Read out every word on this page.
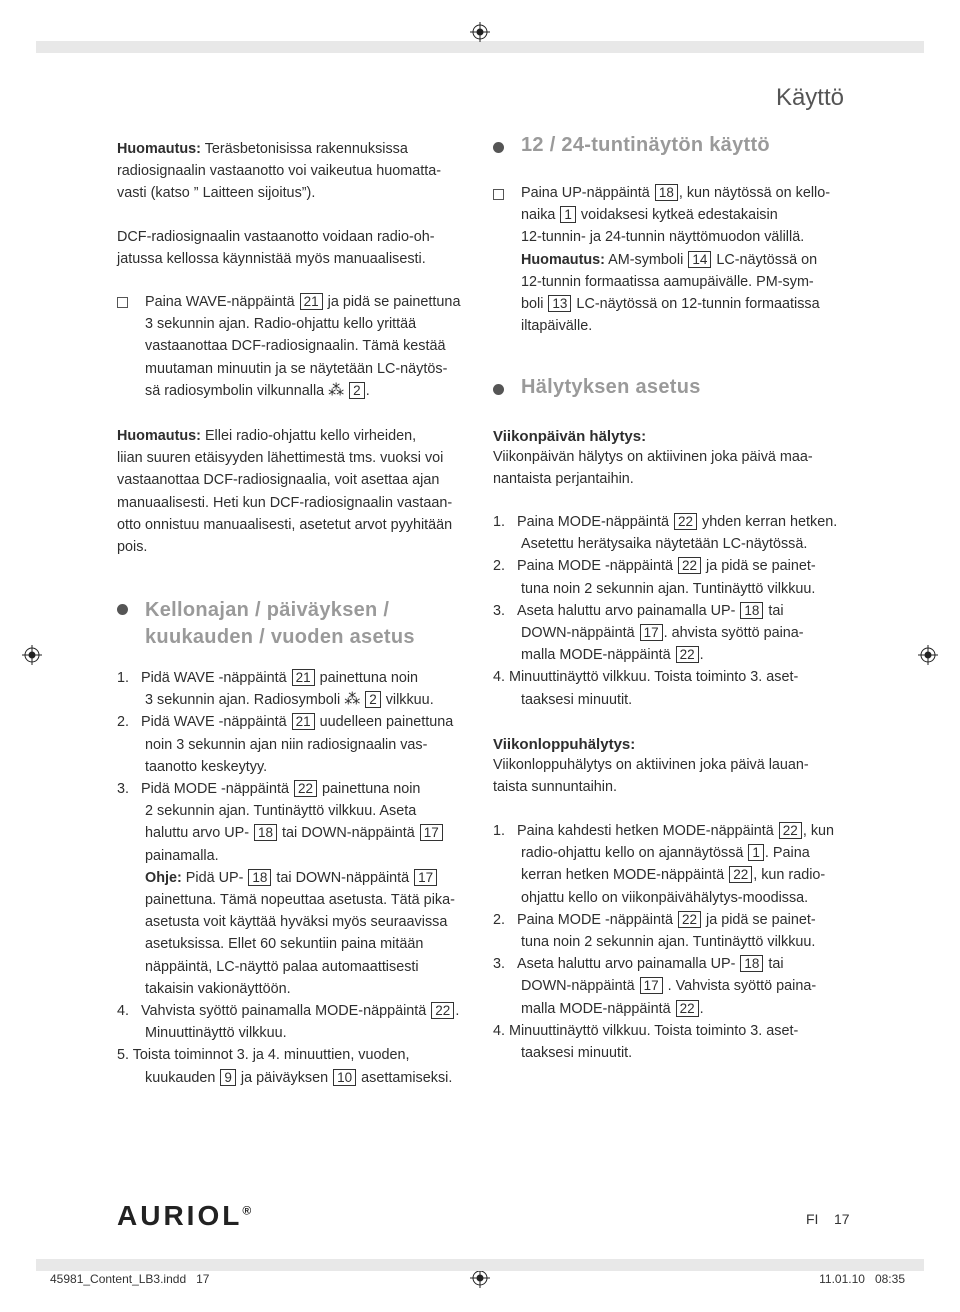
Käyttö
Huomautus: Teräsbetonisissa rakennuksissa
radiosignaalin vastaanotto voi vaikeutua huomatta-
vasti (katso ” Laitteen sijoitus”).
DCF-radiosignaalin vastaanotto voidaan radio-oh-
jatussa kellossa käynnistää myös manuaalisesti.
Paina WAVE-näppäintä 21 ja pidä se painettuna
3 sekunnin ajan. Radio-ohjattu kello yrittää
vastaanottaa DCF-radiosignaalin. Tämä kestää
muutaman minuutin ja se näytetään LC-näytös-
sä radiosymbolin vilkunnalla ⁂ 2 .
Huomautus: Ellei radio-ohjattu kello virheiden,
liian suuren etäisyyden lähettimestä tms. vuoksi voi
vastaanottaa DCF-radiosignaalia, voit asettaa ajan
manuaalisesti. Heti kun DCF-radiosignaalin vastaan-
otto onnistuu manuaalisesti, asetetut arvot pyyhitään
pois.
Kellonajan / päiväyksen /
kuukauden / vuoden asetus
1.   Pidä WAVE -näppäintä 21 painettuna noin
3 sekunnin ajan. Radiosymboli ⁂ 2 vilkkuu.
2.   Pidä WAVE -näppäintä 21 uudelleen painettuna
noin 3 sekunnin ajan niin radiosignaalin vas-
taanotto keskeytyy.
3.   Pidä MODE -näppäintä 22 painettuna noin
2 sekunnin ajan. Tuntinäyttö vilkkuu. Aseta
haluttu arvo UP- 18 tai DOWN-näppäintä 17
painamalla.
Ohje: Pidä UP- 18 tai DOWN-näppäintä 17
painettuna. Tämä nopeuttaa asetusta. Tätä pika-
asetusta voit käyttää hyväksi myös seuraavissa
asetuksissa. Ellet 60 sekuntiin paina mitään
näppäintä, LC-näyttö palaa automaattisesti
takaisin vakionäyttöön.
4.   Vahvista syöttö painamalla MODE-näppäintä 22 .
Minuuttinäyttö vilkkuu.
5. Toista toiminnot 3. ja 4. minuuttien, vuoden,
kuukauden 9 ja päiväyksen 10 asettamiseksi.
12 / 24-tuntinäytön käyttö
Paina UP-näppäintä 18 , kun näytössä on kello-
naika 1 voidaksesi kytkeä edestakaisin
12-tunnin- ja 24-tunnin näyttömuodon välillä.
Huomautus: AM-symboli 14 LC-näytössä on
12-tunnin formaatissa aamupäivälle. PM-sym-
boli 13 LC-näytössä on 12-tunnin formaatissa
iltapäivälle.
Hälytyksen asetus
Viikonpäivän hälytys:
Viikonpäivän hälytys on aktiivinen joka päivä maa-
nantaista perjantaihin.
1.   Paina MODE-näppäintä 22 yhden kerran hetken.
Asetettu herätysaika näytetään LC-näytössä.
2.   Paina MODE -näppäintä 22 ja pidä se painet-
tuna noin 2 sekunnin ajan. Tuntinäyttö vilkkuu.
3.   Aseta haluttu arvo painamalla UP- 18 tai
DOWN-näppäintä 17 . ahvista syöttö paina-
malla MODE-näppäintä 22 .
4. Minuuttinäyttö vilkkuu. Toista toiminto 3. aset-
taaksesi minuutit.
Viikonloppuhälytys:
Viikonloppuhälytys on aktiivinen joka päivä lauan-
taista sunnuntaihin.
1.   Paina kahdesti hetken MODE-näppäintä 22 , kun
radio-ohjattu kello on ajannäytössä 1 . Paina
kerran hetken MODE-näppäintä 22 , kun radio-
ohjattu kello on viikonpäivähälytys-moodissa.
2.   Paina MODE -näppäintä 22 ja pidä se painet-
tuna noin 2 sekunnin ajan. Tuntinäyttö vilkkuu.
3.   Aseta haluttu arvo painamalla UP- 18 tai
DOWN-näppäintä 17 . Vahvista syöttö paina-
malla MODE-näppäintä 22 .
4. Minuuttinäyttö vilkkuu. Toista toiminto 3. aset-
taaksesi minuutit.
AURIOL®
FI 17
45981_Content_LB3.indd   17	11.01.10   08:35
